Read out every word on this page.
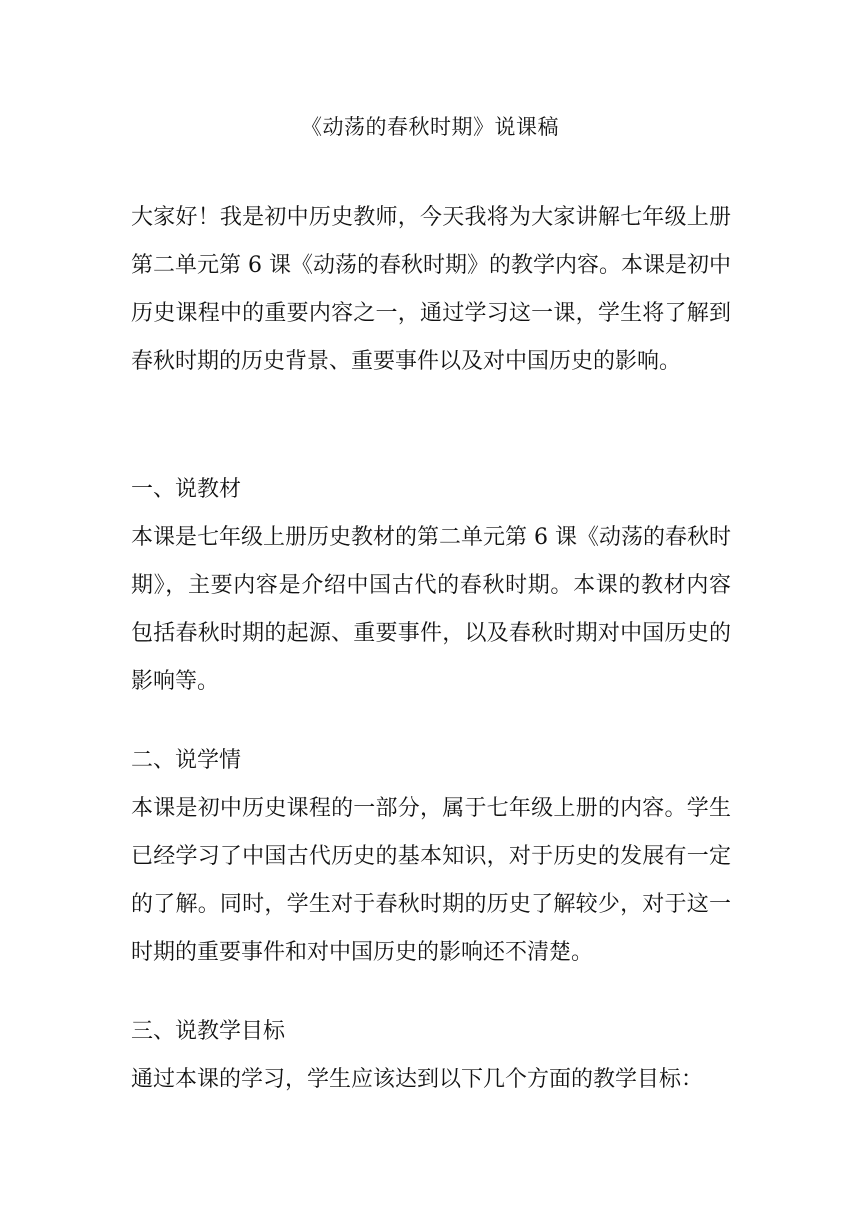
《动荡的春秋时期》说课稿
大家好！我是初中历史教师，今天我将为大家讲解七年级上册第二单元第 6 课《动荡的春秋时期》的教学内容。本课是初中历史课程中的重要内容之一，通过学习这一课，学生将了解到春秋时期的历史背景、重要事件以及对中国历史的影响。
一、说教材
本课是七年级上册历史教材的第二单元第 6 课《动荡的春秋时期》，主要内容是介绍中国古代的春秋时期。本课的教材内容包括春秋时期的起源、重要事件，以及春秋时期对中国历史的影响等。
二、说学情
本课是初中历史课程的一部分，属于七年级上册的内容。学生已经学习了中国古代历史的基本知识，对于历史的发展有一定的了解。同时，学生对于春秋时期的历史了解较少，对于这一时期的重要事件和对中国历史的影响还不清楚。
三、说教学目标
通过本课的学习，学生应该达到以下几个方面的教学目标：
